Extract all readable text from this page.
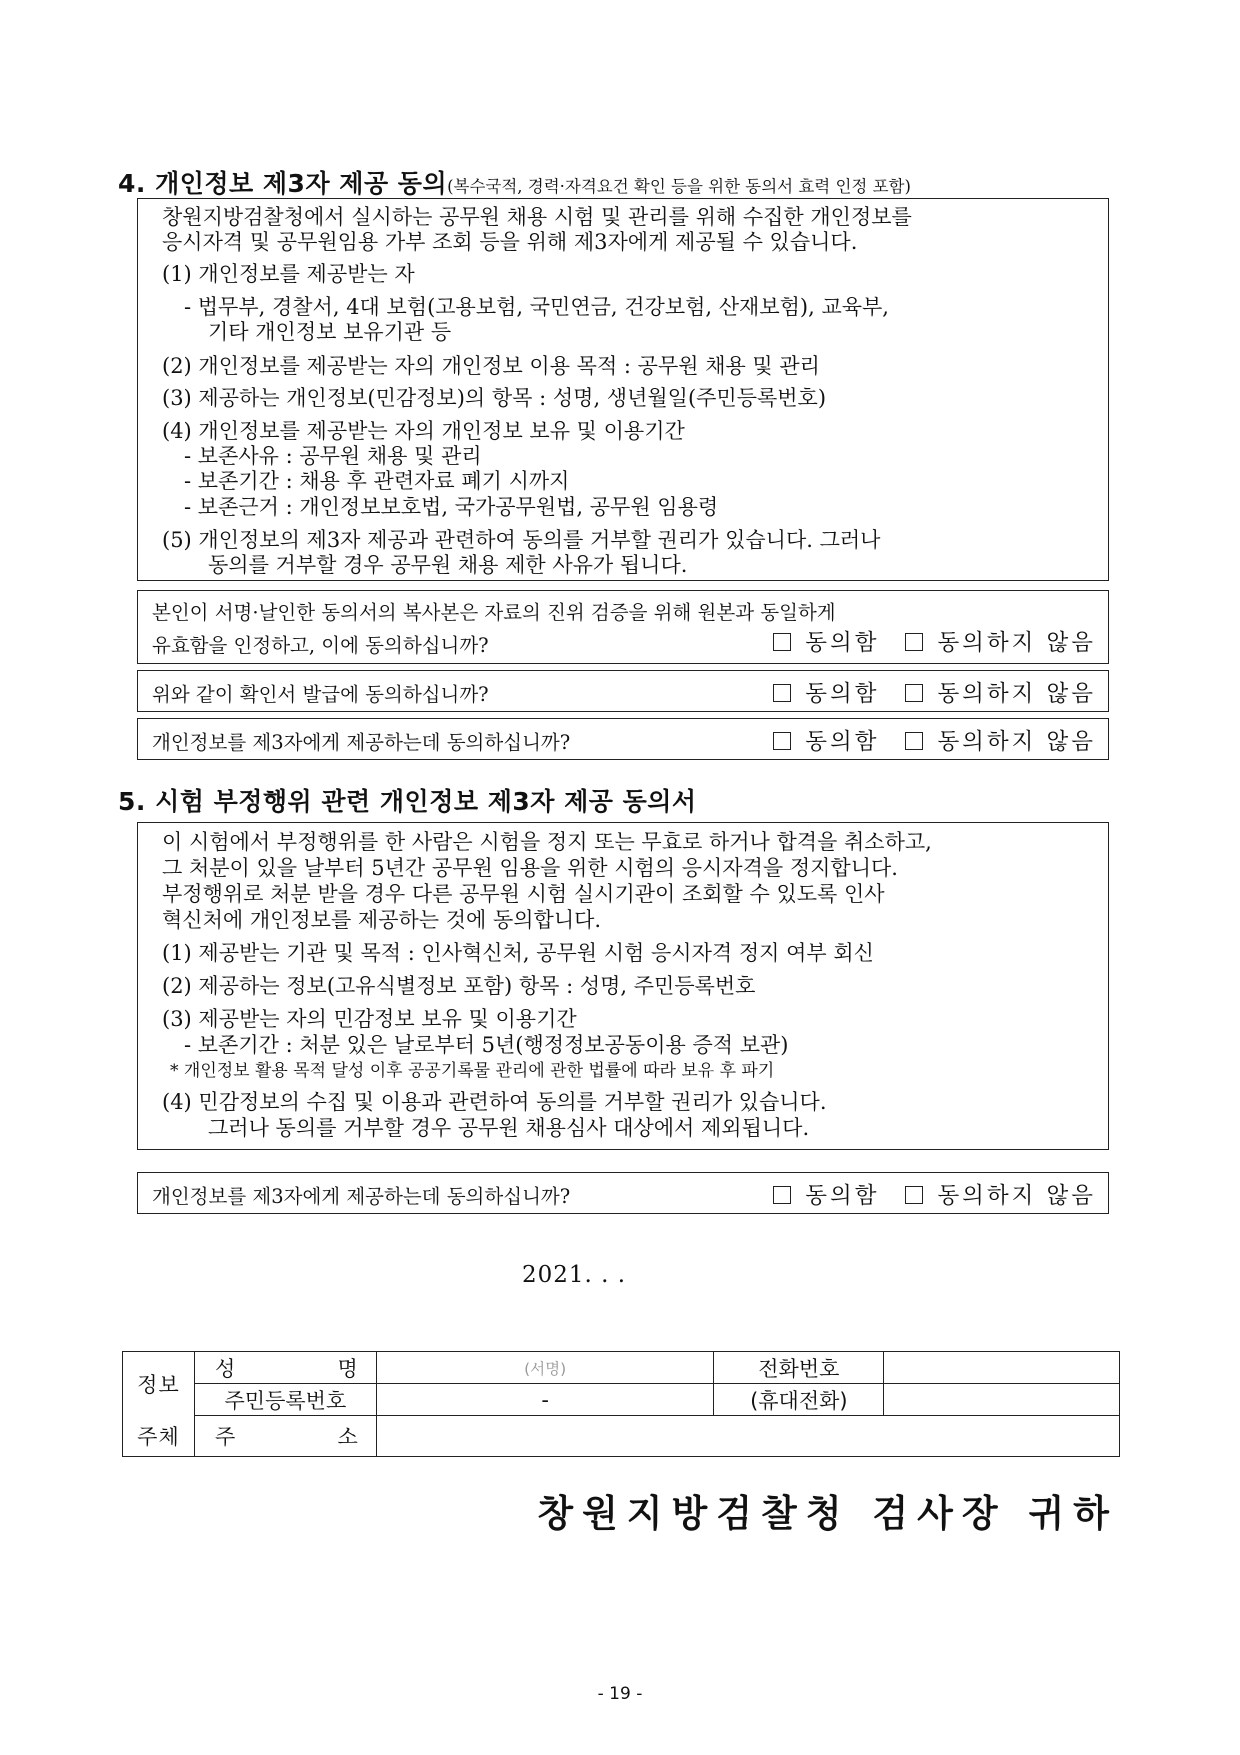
4. 개인정보 제3자 제공 동의(복수국적, 경력·자격요건 확인 등을 위한 동의서 효력 인정 포함)
창원지방검찰청에서 실시하는 공무원 채용 시험 및 관리를 위해 수집한 개인정보를
응시자격 및 공무원임용 가부 조회 등을 위해 제3자에게 제공될 수 있습니다.
(1) 개인정보를 제공받는 자
- 법무부, 경찰서, 4대 보험(고용보험, 국민연금, 건강보험, 산재보험), 교육부,
기타 개인정보 보유기관 등
(2) 개인정보를 제공받는 자의 개인정보 이용 목적 : 공무원 채용 및 관리
(3) 제공하는 개인정보(민감정보)의 항목 : 성명, 생년월일(주민등록번호)
(4) 개인정보를 제공받는 자의 개인정보 보유 및 이용기간
- 보존사유 : 공무원 채용 및 관리
- 보존기간 : 채용 후 관련자료 폐기 시까지
- 보존근거 : 개인정보보호법, 국가공무원법, 공무원 임용령
(5) 개인정보의 제3자 제공과 관련하여 동의를 거부할 권리가 있습니다. 그러나
동의를 거부할 경우 공무원 채용 제한 사유가 됩니다.
본인이 서명·날인한 동의서의 복사본은 자료의 진위 검증을 위해 원본과 동일하게
유효함을 인정하고, 이에 동의하십니까?	동의함	동의하지 않음
위와 같이 확인서 발급에 동의하십니까?	동의함	동의하지 않음
개인정보를 제3자에게 제공하는데 동의하십니까?	동의함	동의하지 않음
5. 시험 부정행위 관련 개인정보 제3자 제공 동의서
이 시험에서 부정행위를 한 사람은 시험을 정지 또는 무효로 하거나 합격을 취소하고,
그 처분이 있을 날부터 5년간 공무원 임용을 위한 시험의 응시자격을 정지합니다.
부정행위로 처분 받을 경우 다른 공무원 시험 실시기관이 조회할 수 있도록 인사
혁신처에 개인정보를 제공하는 것에 동의합니다.
(1) 제공받는 기관 및 목적 : 인사혁신처, 공무원 시험 응시자격 정지 여부 회신
(2) 제공하는 정보(고유식별정보 포함) 항목 : 성명, 주민등록번호
(3) 제공받는 자의 민감정보 보유 및 이용기간
- 보존기간 : 처분 있은 날로부터 5년(행정정보공동이용 증적 보관)
* 개인정보 활용 목적 달성 이후 공공기록물 관리에 관한 법률에 따라 보유 후 파기
(4) 민감정보의 수집 및 이용과 관련하여 동의를 거부할 권리가 있습니다.
그러나 동의를 거부할 경우 공무원 채용심사 대상에서 제외됩니다.
개인정보를 제3자에게 제공하는데 동의하십니까?	동의함	동의하지 않음
2021. . .
정보	성 명	(서명)	전화번호	
	주민등록번호	-	(휴대전화)	
주체	주 소			

창원지방검찰청 검사장 귀하
- 19 -
